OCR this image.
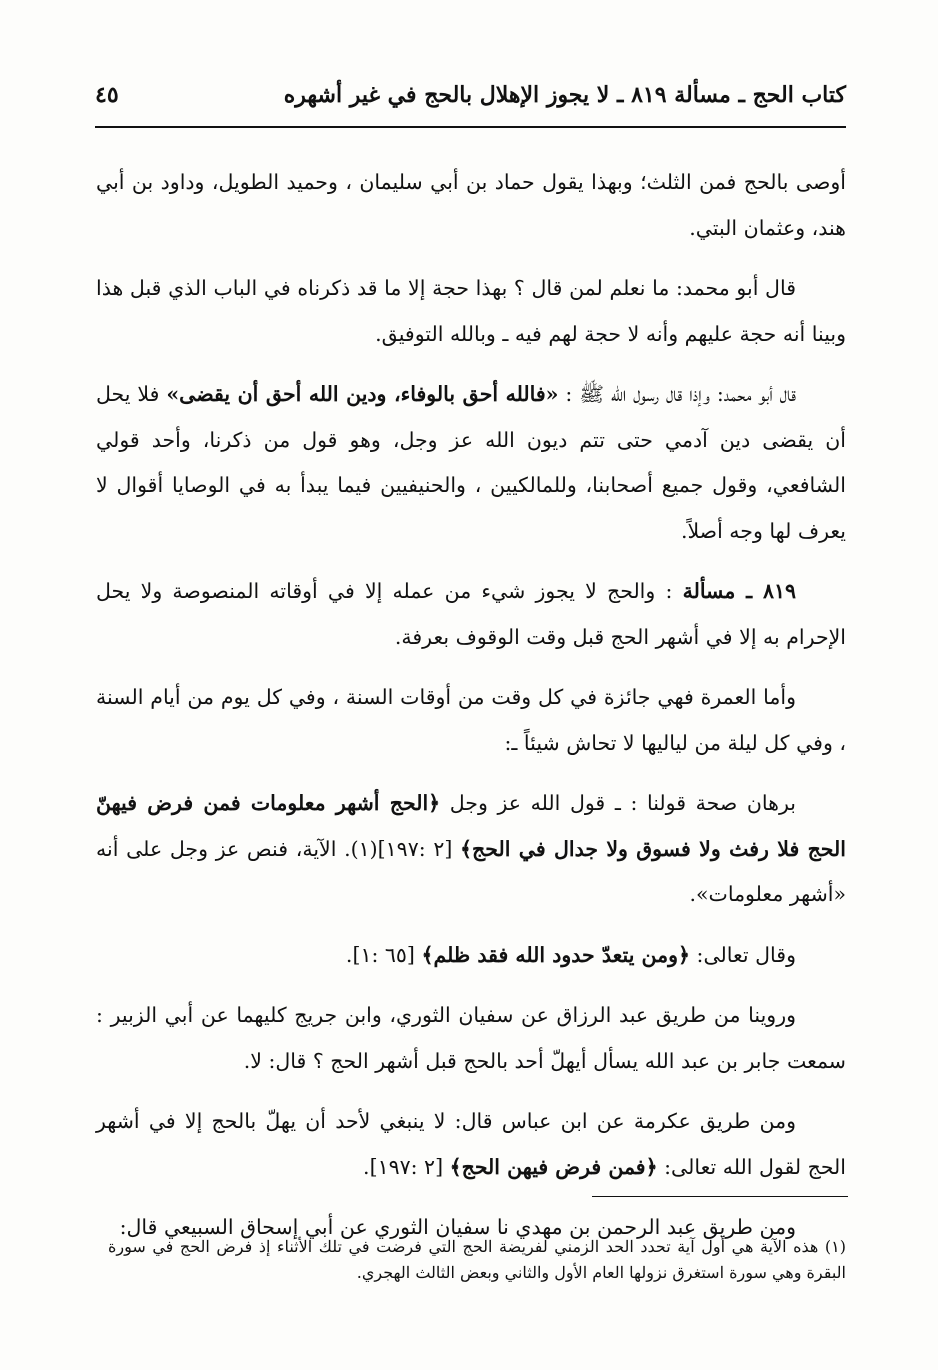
كتاب الحج ـ مسألة ٨١٩ ـ لا يجوز الإهلال بالحج في غير أشهره
٤٥

أوصى بالحج فمن الثلث؛ وبهذا يقول حماد بن أبي سليمان ، وحميد الطويل، وداود بن أبي هند، وعثمان البتي.

قال أبو محمد: ما نعلم لمن قال ؟ بهذا حجة إلا ما قد ذكرناه في الباب الذي قبل هذا وبينا أنه حجة عليهم وأنه لا حجة لهم فيه ـ وبالله التوفيق.

قال أبو محمد: وإذا قال رسول الله ﷺ : «فالله أحق بالوفاء، ودين الله أحق أن يقضى» فلا يحل أن يقضى دين آدمي حتى تتم ديون الله عز وجل، وهو قول من ذكرنا، وأحد قولي الشافعي، وقول جميع أصحابنا، وللمالكيين ، والحنيفيين فيما يبدأ به في الوصايا أقوال لا يعرف لها وجه أصلاً.

٨١٩ ـ مسألة : والحج لا يجوز شيء من عمله إلا في أوقاته المنصوصة ولا يحل الإحرام به إلا في أشهر الحج قبل وقت الوقوف بعرفة.

وأما العمرة فهي جائزة في كل وقت من أوقات السنة ، وفي كل يوم من أيام السنة ، وفي كل ليلة من لياليها لا تحاش شيئاً ـ:

برهان صحة قولنا : ـ قول الله عز وجل ﴿الحج أشهر معلومات فمن فرض فيهنّ الحج فلا رفث ولا فسوق ولا جدال في الحج﴾ [٢ :١٩٧](١). الآية، فنص عز وجل على أنه «أشهر معلومات».

وقال تعالى: ﴿ومن يتعدّ حدود الله فقد ظلم﴾ [٦٥ :١].

وروينا من طريق عبد الرزاق عن سفيان الثوري، وابن جريج كليهما عن أبي الزبير : سمعت جابر بن عبد الله يسأل أيهلّ أحد بالحج قبل أشهر الحج ؟ قال: لا.

ومن طريق عكرمة عن ابن عباس قال: لا ينبغي لأحد أن يهلّ بالحج إلا في أشهر الحج لقول الله تعالى: ﴿فمن فرض فيهن الحج﴾ [٢ :١٩٧].

ومن طريق عبد الرحمن بن مهدي نا سفيان الثوري عن أبي إسحاق السبيعي قال:

(١) هذه الآية هي أول آية تحدد الحد الزمني لفريضة الحج التي فرضت في تلك الأثناء إذ فرض الحج في سورة البقرة وهي سورة استغرق نزولها العام الأول والثاني وبعض الثالث الهجري.
